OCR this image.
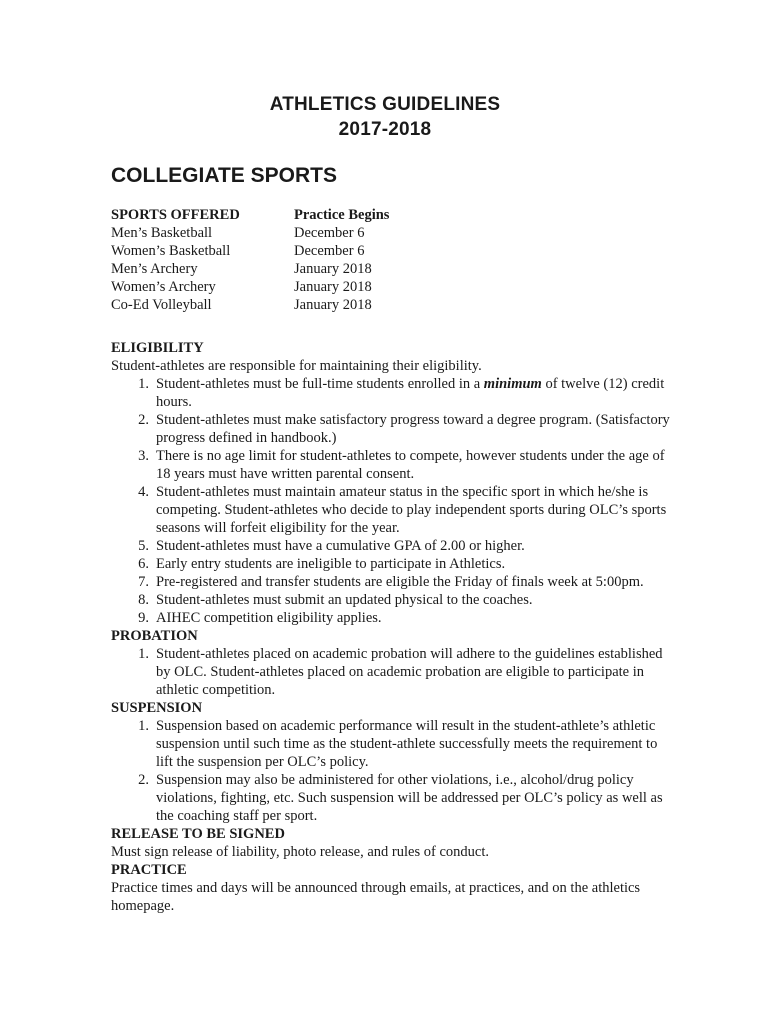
ATHLETICS GUIDELINES
2017-2018
COLLEGIATE SPORTS
SPORTS OFFERED	Practice Begins
Men’s Basketball	December 6
Women’s Basketball	December 6
Men’s Archery	January 2018
Women’s Archery	January 2018
Co-Ed Volleyball	January 2018
ELIGIBILITY

Student-athletes are responsible for maintaining their eligibility.

1. Student-athletes must be full-time students enrolled in a minimum of twelve (12) credit hours.
2. Student-athletes must make satisfactory progress toward a degree program. (Satisfactory progress defined in handbook.)
3. There is no age limit for student-athletes to compete, however students under the age of 18 years must have written parental consent.
4. Student-athletes must maintain amateur status in the specific sport in which he/she is competing. Student-athletes who decide to play independent sports during OLC’s sports seasons will forfeit eligibility for the year.
5. Student-athletes must have a cumulative GPA of 2.00 or higher.
6. Early entry students are ineligible to participate in Athletics.
7. Pre-registered and transfer students are eligible the Friday of finals week at 5:00pm.
8. Student-athletes must submit an updated physical to the coaches.
9. AIHEC competition eligibility applies.
PROBATION
1. Student-athletes placed on academic probation will adhere to the guidelines established by OLC. Student-athletes placed on academic probation are eligible to participate in athletic competition.
SUSPENSION
1. Suspension based on academic performance will result in the student-athlete’s athletic suspension until such time as the student-athlete successfully meets the requirement to lift the suspension per OLC’s policy.
2. Suspension may also be administered for other violations, i.e., alcohol/drug policy violations, fighting, etc. Such suspension will be addressed per OLC’s policy as well as the coaching staff per sport.
RELEASE TO BE SIGNED

Must sign release of liability, photo release, and rules of conduct.

PRACTICE

Practice times and days will be announced through emails, at practices, and on the athletics homepage.
